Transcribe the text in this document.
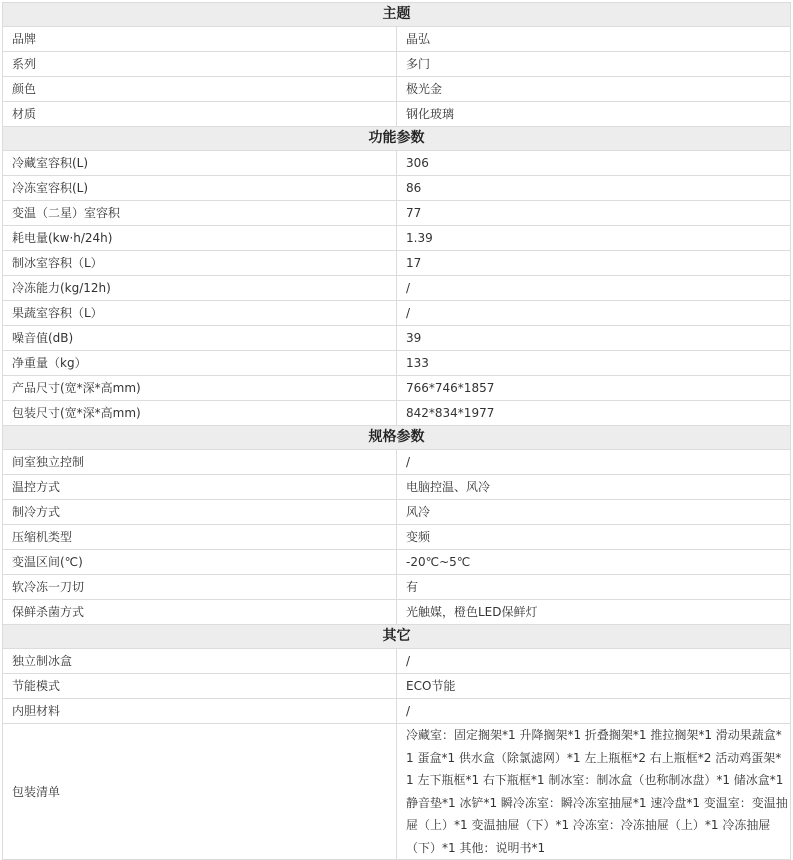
主题	
品牌	晶弘
系列	多门
颜色	极光金
材质	钢化玻璃
功能参数	
冷藏室容积(L)	306
冷冻室容积(L)	86
变温（二星）室容积	77
耗电量(kw·h/24h)	1.39
制冰室容积（L）	17
冷冻能力(kg/12h)	/
果蔬室容积（L）	/
噪音值(dB)	39
净重量（kg）	133
产品尺寸(宽*深*高mm)	766*746*1857
包装尺寸(宽*深*高mm)	842*834*1977
规格参数	
间室独立控制	/
温控方式	电脑控温、风冷
制冷方式	风冷
压缩机类型	变频
变温区间(℃)	-20℃~5℃
软冷冻一刀切	有
保鲜杀菌方式	光触媒，橙色LED保鲜灯
其它	
独立制冰盒	/
节能模式	ECO节能
内胆材料	/
包装清单	冷藏室：固定搁架*1 升降搁架*1 折叠搁架*1 推拉搁架*1 滑动果蔬盒*1 蛋盒*1 供水盒（除氯滤网）*1 左上瓶框*2 右上瓶框*2 活动鸡蛋架*1 左下瓶框*1 右下瓶框*1 制冰室：制冰盒（也称制冰盘）*1 储冰盒*1 静音垫*1 冰铲*1 瞬冷冻室：瞬冷冻室抽屉*1 速冷盘*1 变温室：变温抽屉（上）*1 变温抽屉（下）*1 冷冻室：冷冻抽屉（上）*1 冷冻抽屉（下）*1 其他：说明书*1
